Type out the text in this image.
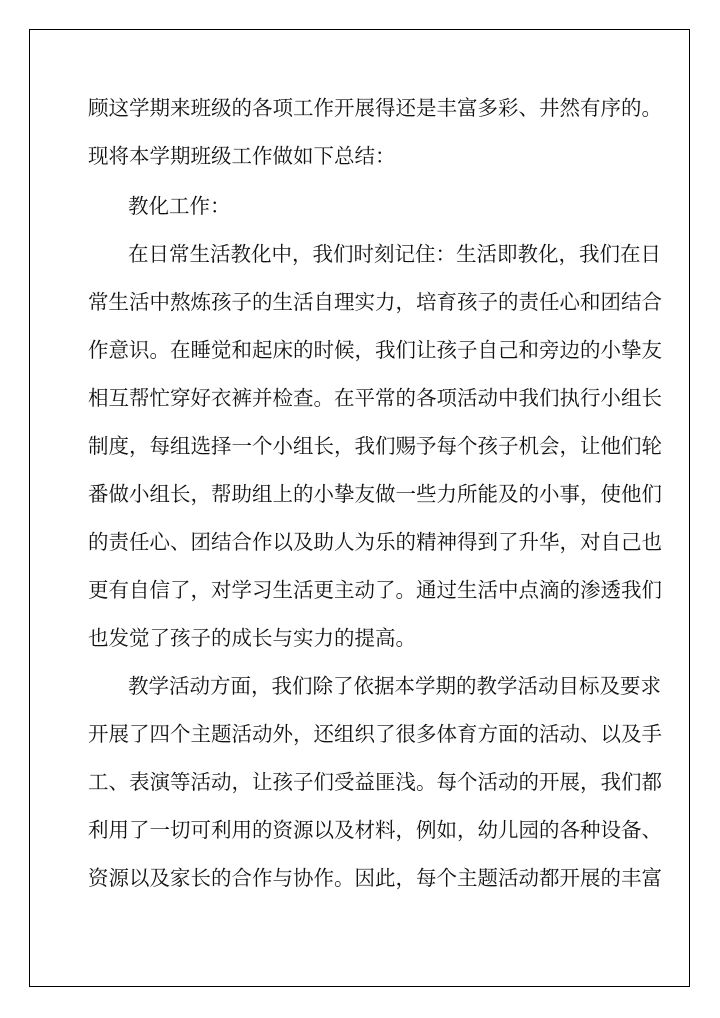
顾这学期来班级的各项工作开展得还是丰富多彩、井然有序的。
现将本学期班级工作做如下总结：
教化工作：
在日常生活教化中，我们时刻记住：生活即教化，我们在日
常生活中熬炼孩子的生活自理实力，培育孩子的责任心和团结合
作意识。在睡觉和起床的时候，我们让孩子自己和旁边的小挚友
相互帮忙穿好衣裤并检查。在平常的各项活动中我们执行小组长
制度，每组选择一个小组长，我们赐予每个孩子机会，让他们轮
番做小组长，帮助组上的小挚友做一些力所能及的小事，使他们
的责任心、团结合作以及助人为乐的精神得到了升华，对自己也
更有自信了，对学习生活更主动了。通过生活中点滴的渗透我们
也发觉了孩子的成长与实力的提高。
教学活动方面，我们除了依据本学期的教学活动目标及要求
开展了四个主题活动外，还组织了很多体育方面的活动、以及手
工、表演等活动，让孩子们受益匪浅。每个活动的开展，我们都
利用了一切可利用的资源以及材料，例如，幼儿园的各种设备、
资源以及家长的合作与协作。因此，每个主题活动都开展的丰富
